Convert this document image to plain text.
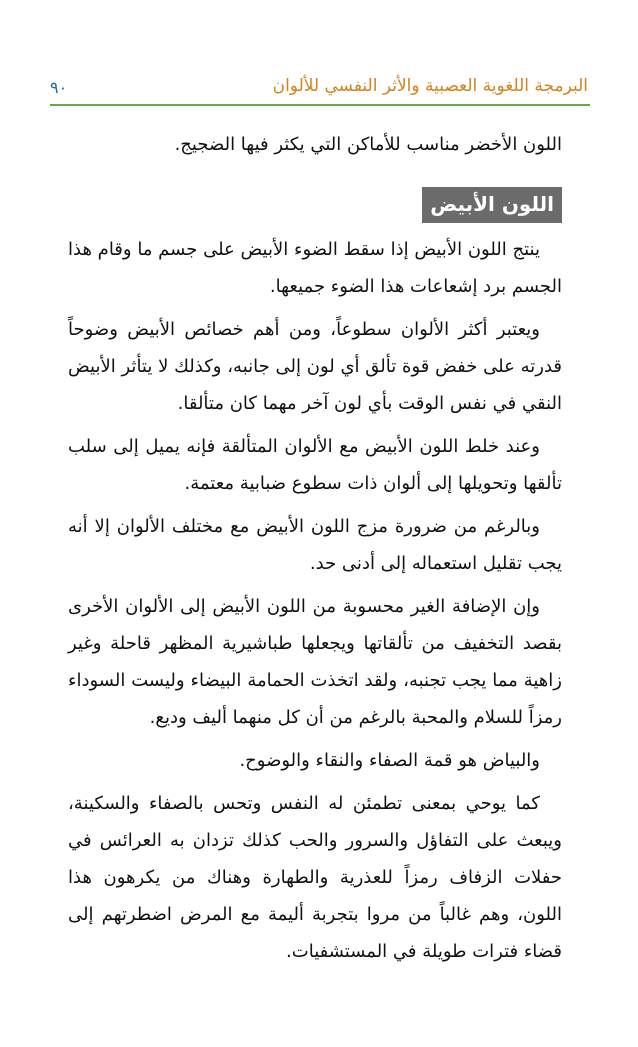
البرمجة اللغوية العصبية والأثر النفسي للألوان
٩٠

اللون الأخضر مناسب للأماكن التي يكثر فيها الضجيج.

اللون الأبيض

ينتج اللون الأبيض إذا سقط الضوء الأبيض على جسم ما وقام هذا الجسم برد إشعاعات هذا الضوء جميعها.

ويعتبر أكثر الألوان سطوعاً، ومن أهم خصائص الأبيض وضوحاً قدرته على خفض قوة تألق أي لون إلى جانبه، وكذلك لا يتأثر الأبيض النقي في نفس الوقت بأي لون آخر مهما كان متألقا.

وعند خلط اللون الأبيض مع الألوان المتألقة فإنه يميل إلى سلب تألقها وتحويلها إلى ألوان ذات سطوع ضبابية معتمة.

وبالرغم من ضرورة مزج اللون الأبيض مع مختلف الألوان إلا أنه يجب تقليل استعماله إلى أدنى حد.

وإن الإضافة الغير محسوبة من اللون الأبيض إلى الألوان الأخرى بقصد التخفيف من تألقاتها ويجعلها طباشيرية المظهر قاحلة وغير زاهية مما يجب تجنبه، ولقد اتخذت الحمامة البيضاء وليست السوداء رمزاً للسلام والمحبة بالرغم من أن كل منهما أليف وديع.

والبياض هو قمة الصفاء والنقاء والوضوح.

كما يوحي بمعنى تطمئن له النفس وتحس بالصفاء والسكينة، ويبعث على التفاؤل والسرور والحب كذلك تزدان به العرائس في حفلات الزفاف رمزاً للعذرية والطهارة وهناك من يكرهون هذا اللون، وهم غالباً من مروا بتجربة أليمة مع المرض اضطرتهم إلى قضاء فترات طويلة في المستشفيات.
